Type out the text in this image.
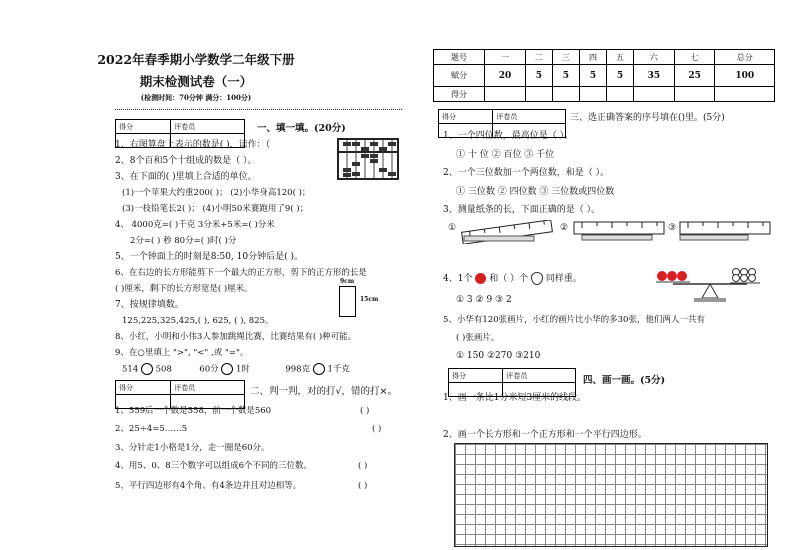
2022年春季期小学数学二年级下册
期末检测试卷（一）
(检测时间：70分钟 满分：100分)
得分	评卷员
		一、填一填。(20分)
1、右图算盘上表示的数是( )，读作：（
2、8个百和5个十组成的数是（ ）。
3、在下面的( )里填上合适的单位。
(1)一个苹果大约重200( )； (2)小华身高120( )；
(3)一枝铅笔长2( )； (4)小明50米赛跑用了9( )；
4、 4000克=( )千克 3分米+5米=( )分米
2分=( ) 秒 80分=( )时( )分
5、一个钟面上的时刻是8:50, 10分钟后是( )。
6、在右边的长方形能剪下一个最大的正方形，剪下的正方形的长是
( )厘米，剩下的长方形宽是( )厘米。
9cm
15cm
7、按规律填数。
125,225,325,425,( ), 625, ( ), 825。
8、小红，小明和小伟3人参加跳绳比赛，比赛结果有( )种可能。
9、在○里填上 ">", "<" ,或 "="。
514 508	60分 1时	998克 1千克
得分	评卷员
		二、判一判，对的打√，错的打×。
1、559后一个数是558，前一个数是560	( )
2、25÷4=5……5	( )
3、分针走1小格是1分，走一圈是60分。
4、用5、0、8三个数字可以组成6个不同的三位数。	( )
5、平行四边形有4个角、有4条边并且对边相等。	( )
题号	一	二	三	四	五	六	七	总分
赋分	20	5	5	5	5	35	25	100
得分								
得分	评卷员
		三、选正确答案的序号填在()里。(5分)
1、一个四位数，最高位是（ ）。
① 十 位 ② 百位 ③ 千位
2、一个三位数加一个两位数，和是（ ）。
① 三位数 ② 四位数 ③ 三位数或四位数
3、测量纸条的长，下面正确的是（ ）。
①	②	③
4、1个 和（ ）个 同样重。
① 3 ② 9 ③ 2
5、小华有120张画片，小红的画片比小华的多30张，他们两人一共有
( )张画片。
① 150 ②270 ③210
得分	评卷员
		四、画一画。(5分)
1、画一条比1分米短3厘米的线段。
2、画一个长方形和一个正方形和一个平行四边形。
